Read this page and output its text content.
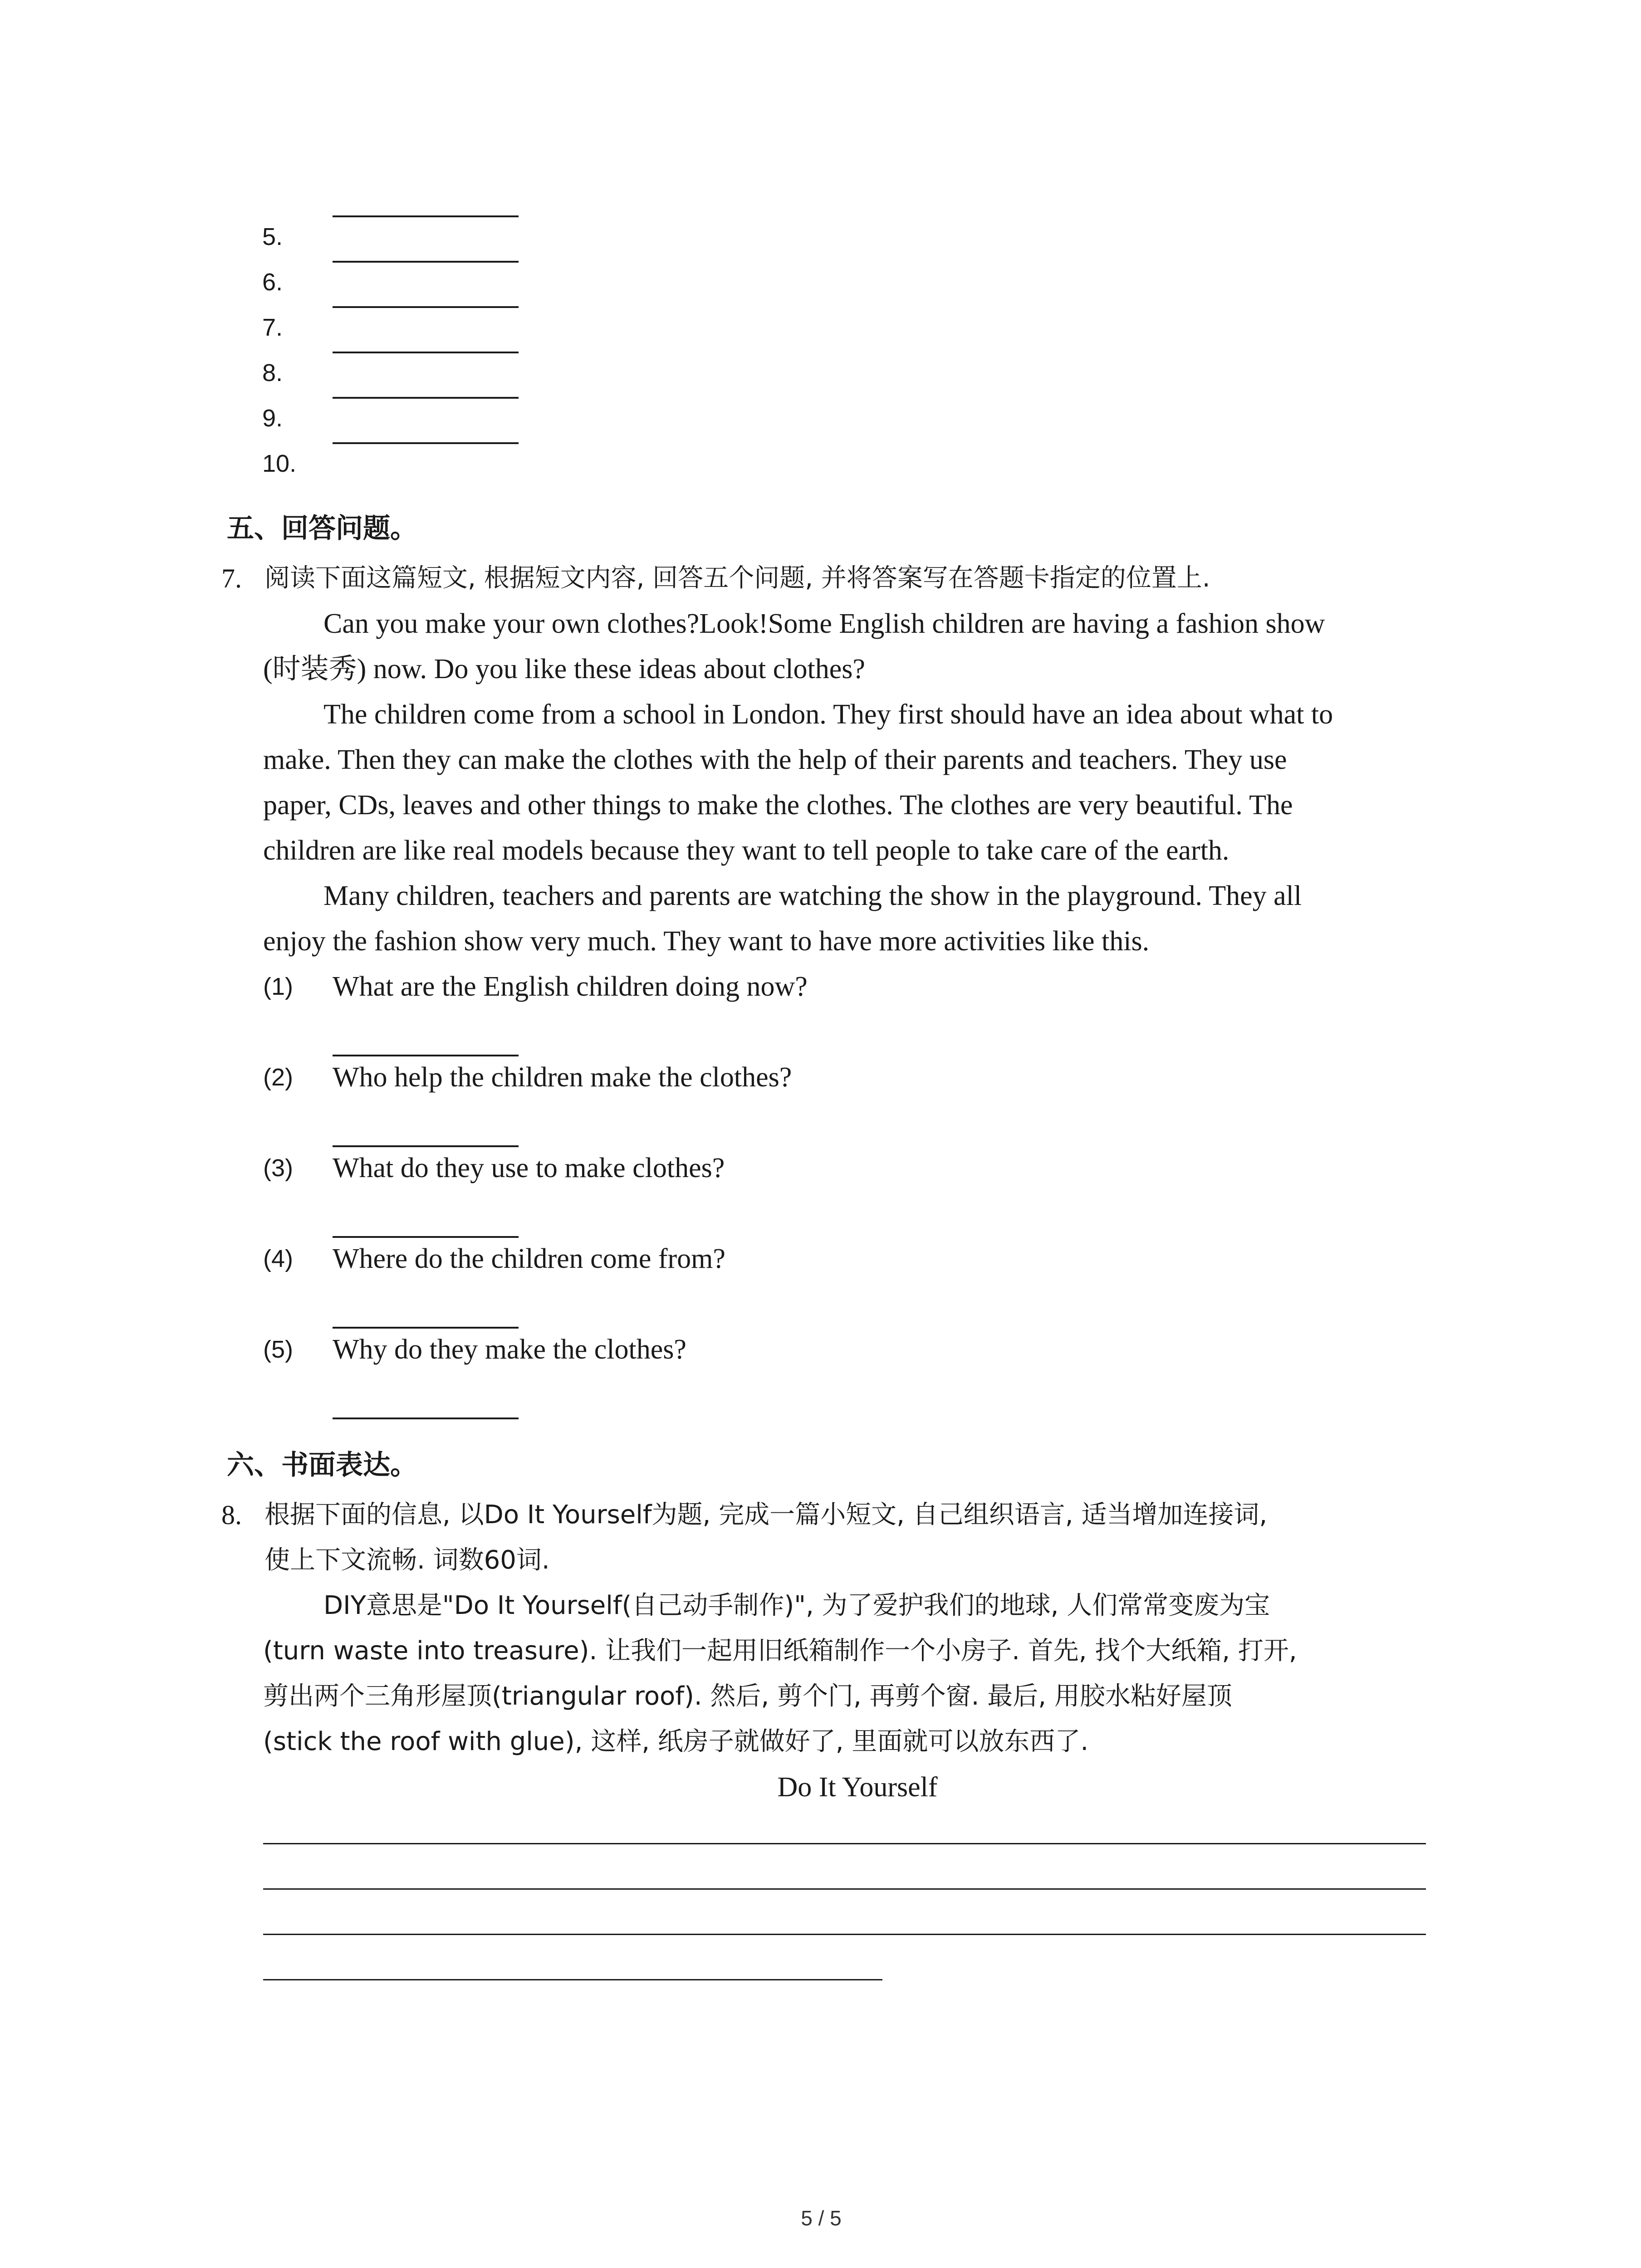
5.
6.
7.
8.
9.
10.
五、回答问题。
7. 阅读下面这篇短文, 根据短文内容, 回答五个问题, 并将答案写在答题卡指定的位置上.
Can you make your own clothes?Look!Some English children are having a fashion show
(时装秀) now. Do you like these ideas about clothes?
The children come from a school in London. They first should have an idea about what to
make. Then they can make the clothes with the help of their parents and teachers. They use
paper, CDs, leaves and other things to make the clothes. The clothes are very beautiful. The
children are like real models because they want to tell people to take care of the earth.
Many children, teachers and parents are watching the show in the playground. They all
enjoy the fashion show very much. They want to have more activities like this.
(1) What are the English children doing now?
(2) Who help the children make the clothes?
(3) What do they use to make clothes?
(4) Where do the children come from?
(5) Why do they make the clothes?
六、书面表达。
8. 根据下面的信息, 以Do It Yourself为题, 完成一篇小短文, 自己组织语言, 适当增加连接词,
使上下文流畅. 词数60词.
DIY意思是"Do It Yourself(自己动手制作)", 为了爱护我们的地球, 人们常常变废为宝
(turn waste into treasure). 让我们一起用旧纸箱制作一个小房子. 首先, 找个大纸箱, 打开,
剪出两个三角形屋顶(triangular roof). 然后, 剪个门, 再剪个窗. 最后, 用胶水粘好屋顶
(stick the roof with glue), 这样, 纸房子就做好了, 里面就可以放东西了.
Do It Yourself
5 / 5
